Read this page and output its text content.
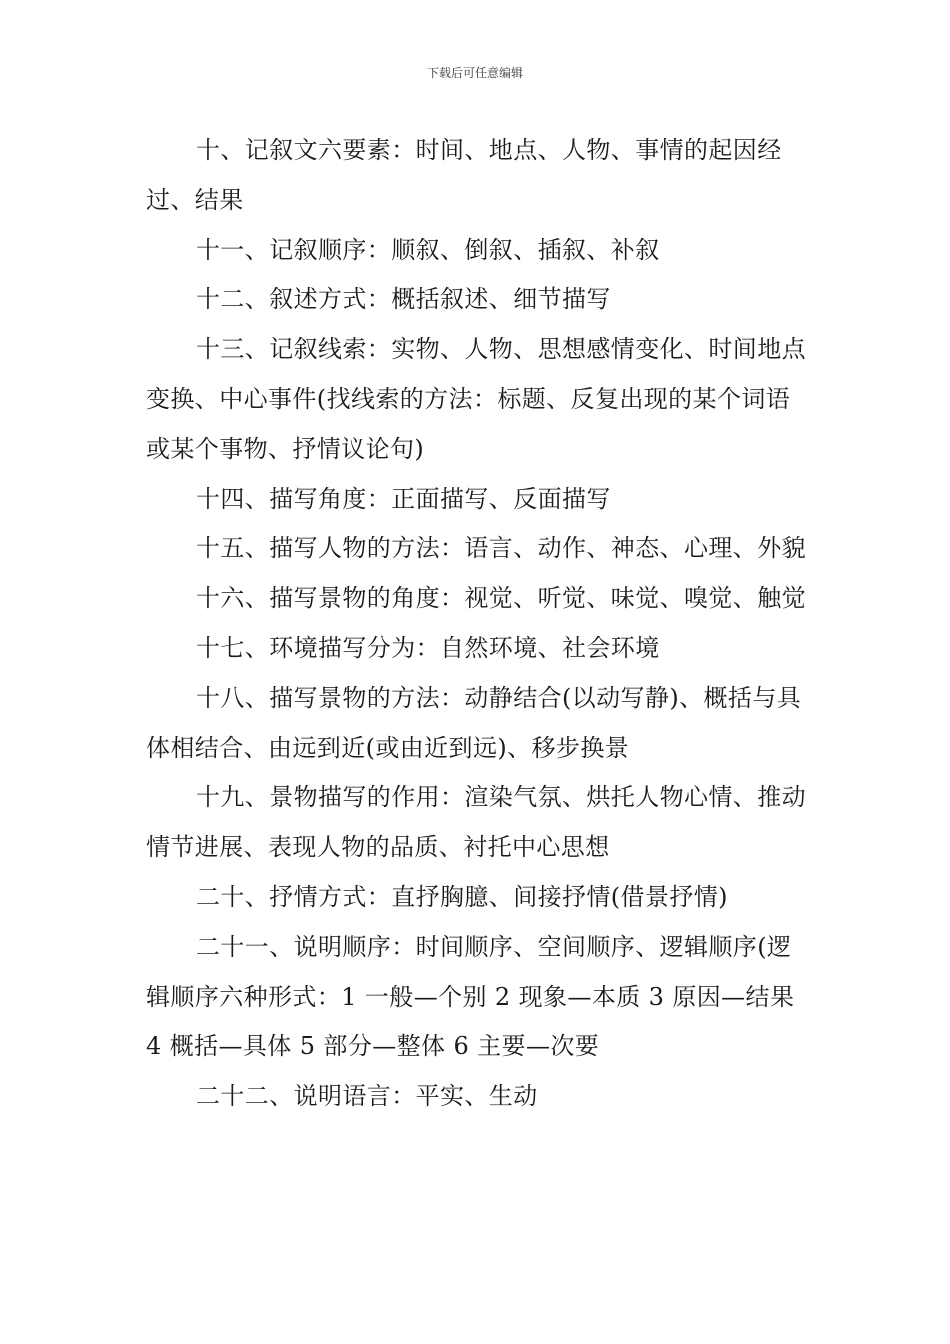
下载后可任意编辑

十、记叙文六要素：时间、地点、人物、事情的起因经过、结果

十一、记叙顺序：顺叙、倒叙、插叙、补叙

十二、叙述方式：概括叙述、细节描写

十三、记叙线索：实物、人物、思想感情变化、时间地点变换、中心事件(找线索的方法：标题、反复出现的某个词语或某个事物、抒情议论句)

十四、描写角度：正面描写、反面描写

十五、描写人物的方法：语言、动作、神态、心理、外貌

十六、描写景物的角度：视觉、听觉、味觉、嗅觉、触觉

十七、环境描写分为：自然环境、社会环境

十八、描写景物的方法：动静结合(以动写静)、概括与具体相结合、由远到近(或由近到远)、移步换景

十九、景物描写的作用：渲染气氛、烘托人物心情、推动情节进展、表现人物的品质、衬托中心思想

二十、抒情方式：直抒胸臆、间接抒情(借景抒情)

二十一、说明顺序：时间顺序、空间顺序、逻辑顺序(逻辑顺序六种形式：1 一般—个别 2 现象—本质 3 原因—结果 4 概括—具体 5 部分—整体 6 主要—次要

二十二、说明语言：平实、生动
